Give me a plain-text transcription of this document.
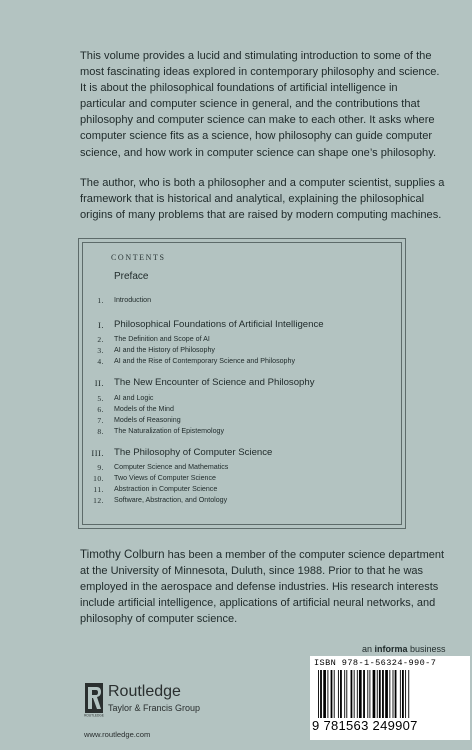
This volume provides a lucid and stimulating introduction to some of the most fascinating ideas explored in contemporary philosophy and science. It is about the philosophical foundations of artificial intelligence in particular and computer science in general, and the contributions that philosophy and computer science can make to each other. It asks where computer science fits as a science, how philosophy can guide computer science, and how work in computer science can shape one’s philosophy.

The author, who is both a philosopher and a computer scientist, supplies a framework that is historical and analytical, explaining the philosophical origins of many problems that are raised by modern computing machines.

CONTENTS
Preface
1. Introduction
I. Philosophical Foundations of Artificial Intelligence
2. The Definition and Scope of AI
3. AI and the History of Philosophy
4. AI and the Rise of Contemporary Science and Philosophy
II. The New Encounter of Science and Philosophy
5. AI and Logic
6. Models of the Mind
7. Models of Reasoning
8. The Naturalization of Epistemology
III. The Philosophy of Computer Science
9. Computer Science and Mathematics
10. Two Views of Computer Science
11. Abstraction in Computer Science
12. Software, Abstraction, and Ontology

Timothy Colburn has been a member of the computer science department at the University of Minnesota, Duluth, since 1988. Prior to that he was employed in the aerospace and defense industries. His research interests include artificial intelligence, applications of artificial neural networks, and philosophy of computer science.

an informa business
ISBN 978-1-56324-990-7
9 781563 249907
ROUTLEDGE
Routledge
Taylor & Francis Group
www.routledge.com
